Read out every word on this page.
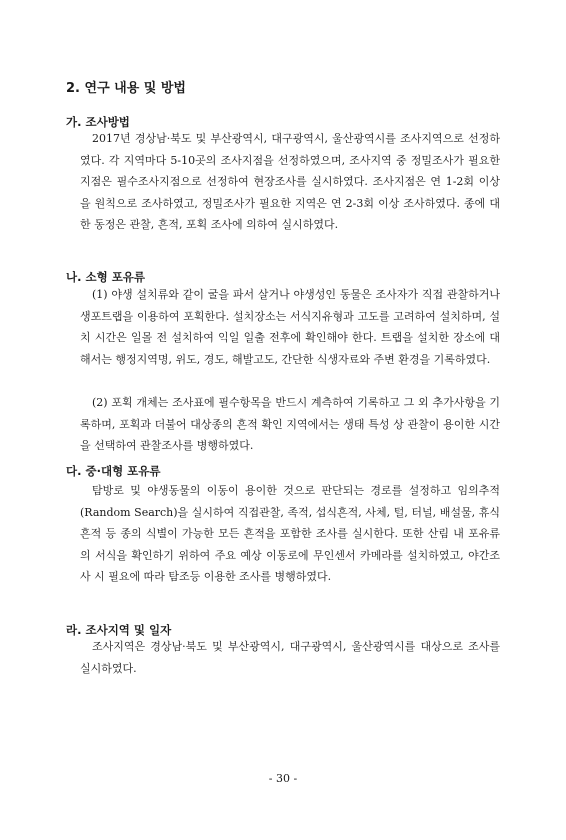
2. 연구 내용 및 방법
가. 조사방법

2017년 경상남·북도 및 부산광역시, 대구광역시, 울산광역시를 조사지역으로 선정하였다. 각 지역마다 5-10곳의 조사지점을 선정하였으며, 조사지역 중 정밀조사가 필요한 지점은 필수조사지점으로 선정하여 현장조사를 실시하였다. 조사지점은 연 1-2회 이상을 원칙으로 조사하였고, 정밀조사가 필요한 지역은 연 2-3회 이상 조사하였다. 종에 대한 동정은 관찰, 흔적, 포획 조사에 의하여 실시하였다.

나. 소형 포유류

(1) 야생 설치류와 같이 굴을 파서 살거나 야생성인 동물은 조사자가 직접 관찰하거나 생포트랩을 이용하여 포획한다. 설치장소는 서식지유형과 고도를 고려하여 설치하며, 설치 시간은 일몰 전 설치하여 익일 일출 전후에 확인해야 한다. 트랩을 설치한 장소에 대해서는 행정지역명, 위도, 경도, 해발고도, 간단한 식생자료와 주변 환경을 기록하였다.

(2) 포획 개체는 조사표에 필수항목을 반드시 계측하여 기록하고 그 외 추가사항을 기록하며, 포획과 더불어 대상종의 흔적 확인 지역에서는 생태 특성 상 관찰이 용이한 시간을 선택하여 관찰조사를 병행하였다.

다. 중·대형 포유류

탐방로 및 야생동물의 이동이 용이한 것으로 판단되는 경로를 설정하고 임의추적(Random Search)을 실시하여 직접관찰, 족적, 섭식흔적, 사체, 털, 터널, 배설물, 휴식흔적 등 종의 식별이 가능한 모든 흔적을 포함한 조사를 실시한다. 또한 산림 내 포유류의 서식을 확인하기 위하여 주요 예상 이동로에 무인센서 카메라를 설치하였고, 야간조사 시 필요에 따라 탐조등 이용한 조사를 병행하였다.

라. 조사지역 및 일자

조사지역은 경상남·북도 및 부산광역시, 대구광역시, 울산광역시를 대상으로 조사를 실시하였다.

- 30 -
